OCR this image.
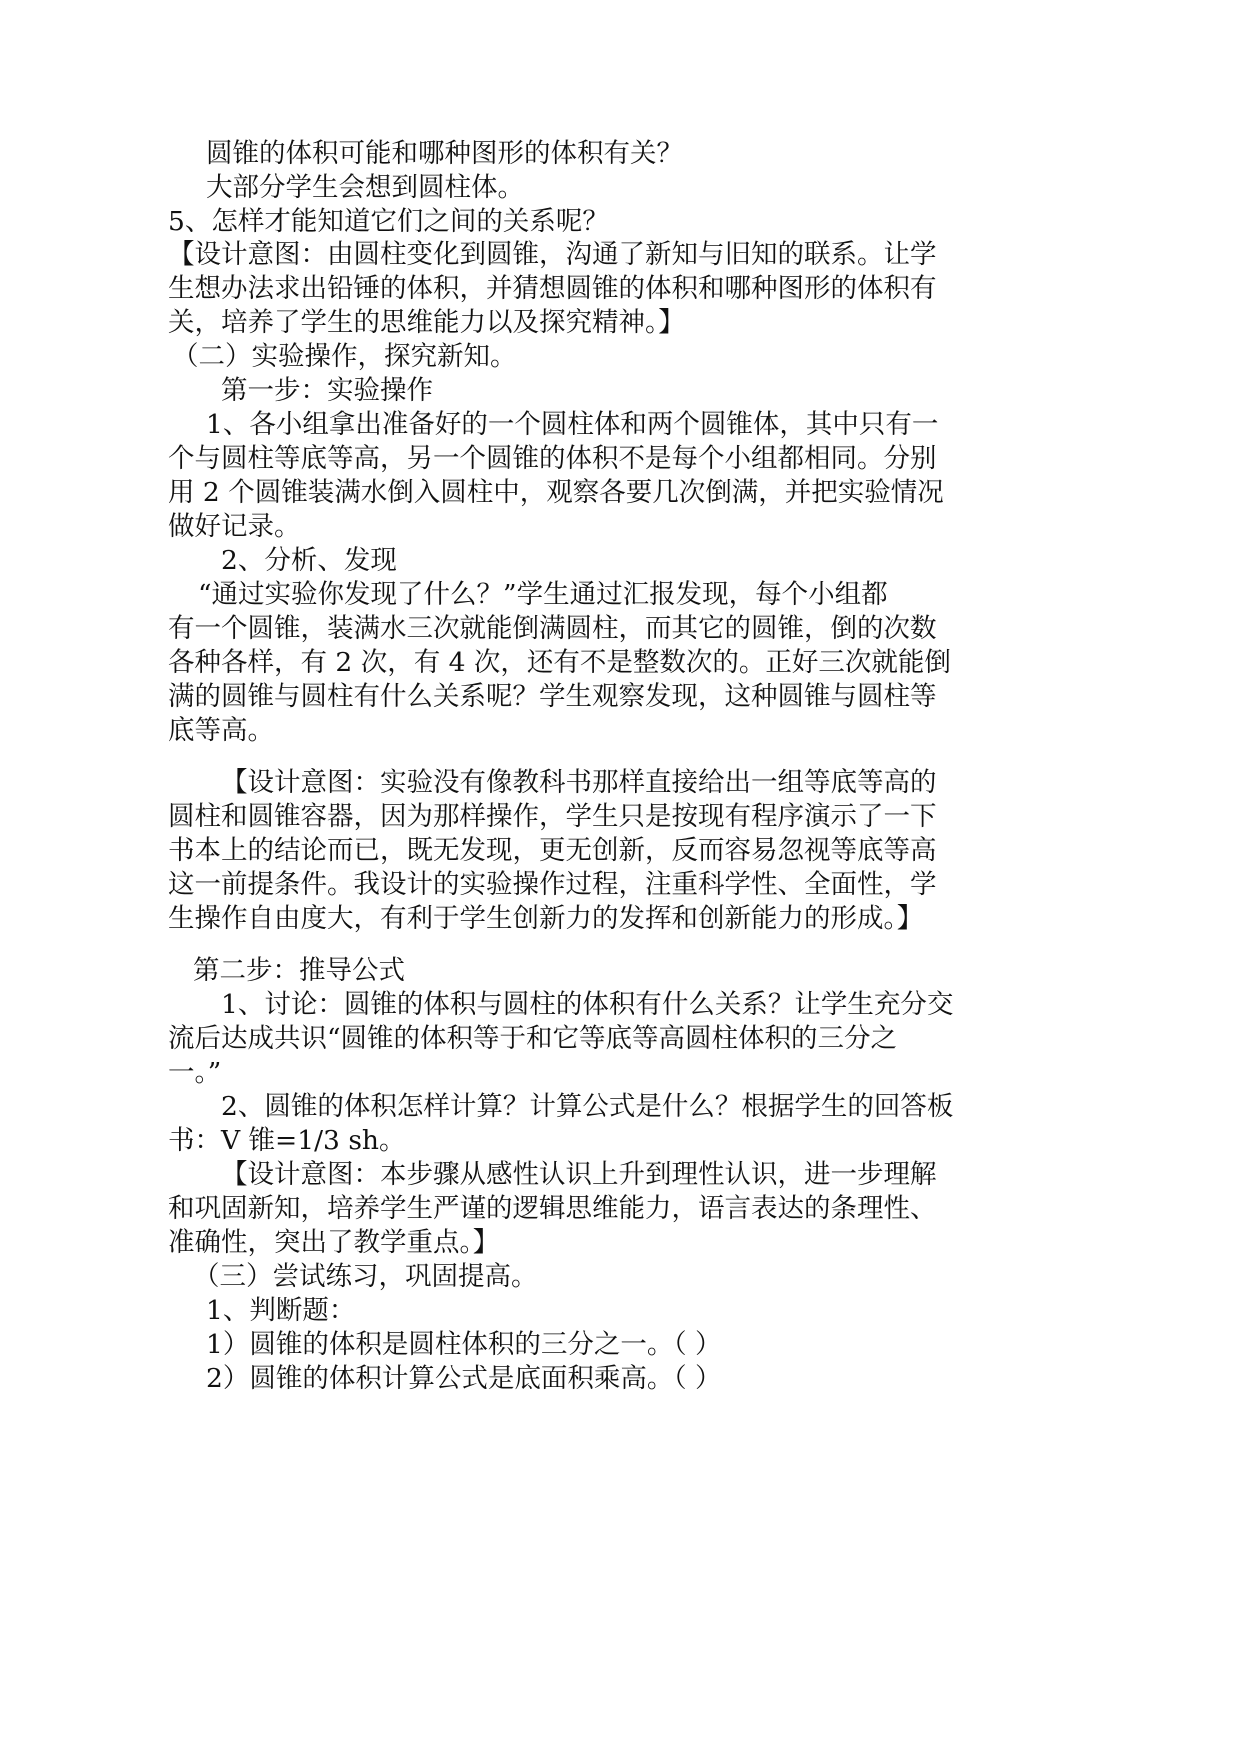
圆锥的体积可能和哪种图形的体积有关？
大部分学生会想到圆柱体。
5、怎样才能知道它们之间的关系呢？
【设计意图：由圆柱变化到圆锥，沟通了新知与旧知的联系。让学
生想办法求出铅锤的体积，并猜想圆锥的体积和哪种图形的体积有
关，培养了学生的思维能力以及探究精神。】
（二）实验操作，探究新知。
第一步：实验操作
1、各小组拿出准备好的一个圆柱体和两个圆锥体，其中只有一
个与圆柱等底等高，另一个圆锥的体积不是每个小组都相同。分别
用 2 个圆锥装满水倒入圆柱中，观察各要几次倒满，并把实验情况
做好记录。
2、分析、发现
“通过实验你发现了什么？”学生通过汇报发现，每个小组都
有一个圆锥，装满水三次就能倒满圆柱，而其它的圆锥，倒的次数
各种各样，有 2 次，有 4 次，还有不是整数次的。正好三次就能倒
满的圆锥与圆柱有什么关系呢？学生观察发现，这种圆锥与圆柱等
底等高。
【设计意图：实验没有像教科书那样直接给出一组等底等高的
圆柱和圆锥容器，因为那样操作，学生只是按现有程序演示了一下
书本上的结论而已，既无发现，更无创新，反而容易忽视等底等高
这一前提条件。我设计的实验操作过程，注重科学性、全面性，学
生操作自由度大，有利于学生创新力的发挥和创新能力的形成。】
第二步：推导公式
1、讨论：圆锥的体积与圆柱的体积有什么关系？让学生充分交
流后达成共识“圆锥的体积等于和它等底等高圆柱体积的三分之
一。”
2、圆锥的体积怎样计算？计算公式是什么？根据学生的回答板
书：V 锥=1/3 sh。
【设计意图：本步骤从感性认识上升到理性认识，进一步理解
和巩固新知，培养学生严谨的逻辑思维能力，语言表达的条理性、
准确性，突出了教学重点。】
（三）尝试练习，巩固提高。
1、判断题：
1）圆锥的体积是圆柱体积的三分之一。（ ）
2）圆锥的体积计算公式是底面积乘高。（ ）
